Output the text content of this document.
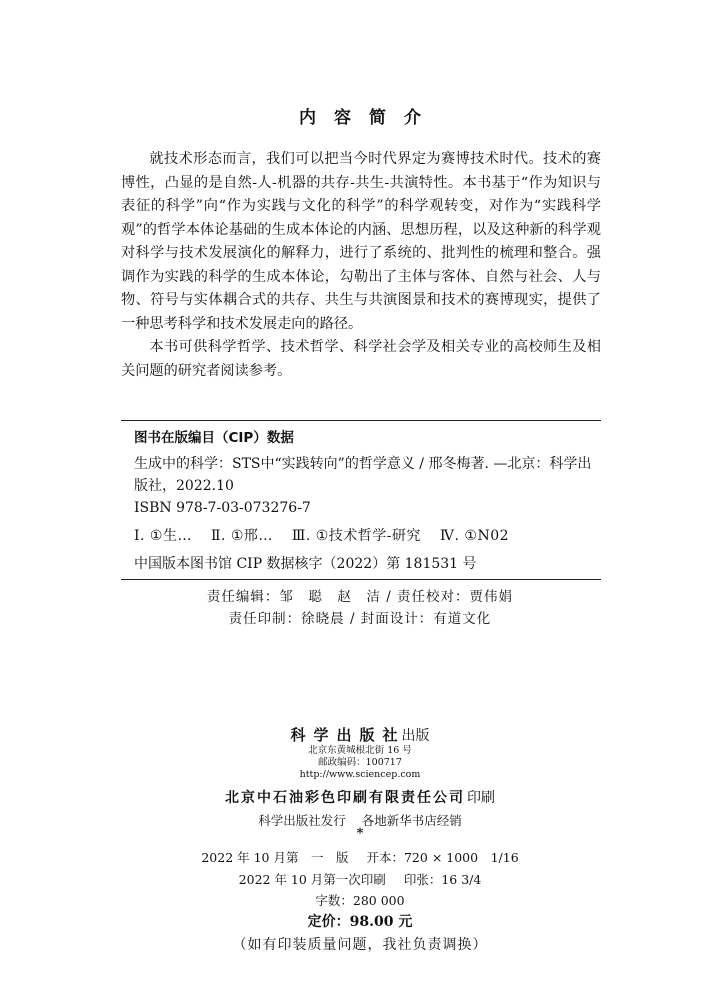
内容简介

就技术形态而言，我们可以把当今时代界定为赛博技术时代。技术的赛博性，凸显的是自然-人-机器的共存-共生-共演特性。本书基于“作为知识与表征的科学”向“作为实践与文化的科学”的科学观转变，对作为“实践科学观”的哲学本体论基础的生成本体论的内涵、思想历程，以及这种新的科学观对科学与技术发展演化的解释力，进行了系统的、批判性的梳理和整合。强调作为实践的科学的生成本体论，勾勒出了主体与客体、自然与社会、人与物、符号与实体耦合式的共存、共生与共演图景和技术的赛博现实，提供了一种思考科学和技术发展走向的路径。

本书可供科学哲学、技术哲学、科学社会学及相关专业的高校师生及相关问题的研究者阅读参考。

图书在版编目（CIP）数据
生成中的科学：STS中“实践转向”的哲学意义 / 邢冬梅著. —北京：科学出版社，2022.10
ISBN 978-7-03-073276-7
Ⅰ. ①生… Ⅱ. ①邢… Ⅲ. ①技术哲学-研究 Ⅳ. ①N02
中国版本图书馆 CIP 数据核字（2022）第 181531 号
责任编辑：邹　聪　赵　洁 / 责任校对：贾伟娟
责任印制：徐晓晨 / 封面设计：有道文化
科学出版社出版
北京东黄城根北街 16 号
邮政编码：100717
http://www.sciencep.com
北京中石油彩色印刷有限责任公司 印刷
科学出版社发行 各地新华书店经销
*
2022 年 10 月第　一　版 开本：720 × 1000　1/16
2022 年 10 月第一次印刷 印张：16 3/4
字数：280 000
定价：98.00 元
（如有印装质量问题，我社负责调换）
